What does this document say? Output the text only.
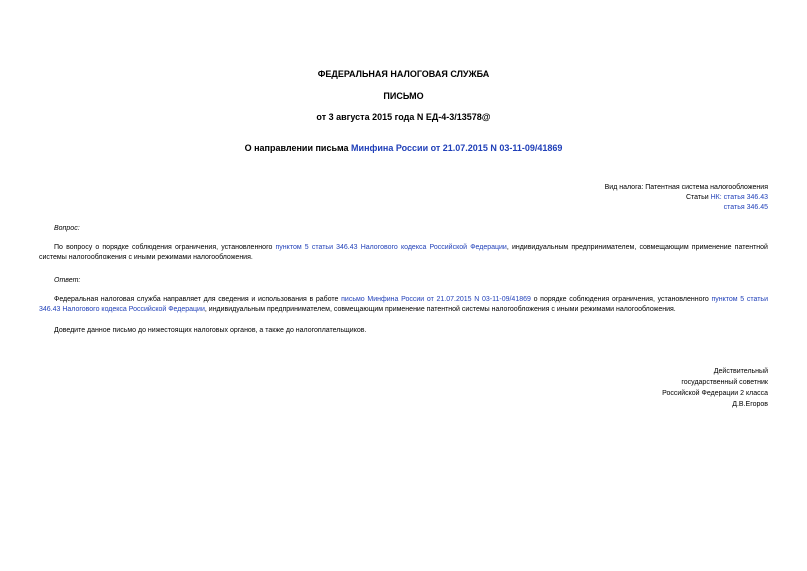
ФЕДЕРАЛЬНАЯ НАЛОГОВАЯ СЛУЖБА
ПИСЬМО
от 3 августа 2015 года N ЕД-4-3/13578@
О направлении письма Минфина России от 21.07.2015 N 03-11-09/41869
Вид налога: Патентная система налогообложения
Статьи НК: статья 346.43
статья 346.45
Вопрос:
По вопросу о порядке соблюдения ограничения, установленного пунктом 5 статьи 346.43 Налогового кодекса Российской Федерации, индивидуальным предпринимателем, совмещающим применение патентной системы налогообложения с иными режимами налогообложения.
Ответ:
Федеральная налоговая служба направляет для сведения и использования в работе письмо Минфина России от 21.07.2015 N 03-11-09/41869 о порядке соблюдения ограничения, установленного пунктом 5 статьи 346.43 Налогового кодекса Российской Федерации, индивидуальным предпринимателем, совмещающим применение патентной системы налогообложения с иными режимами налогообложения.
Доведите данное письмо до нижестоящих налоговых органов, а также до налогоплательщиков.
Действительный
государственный советник
Российской Федерации 2 класса
Д.В.Егоров
